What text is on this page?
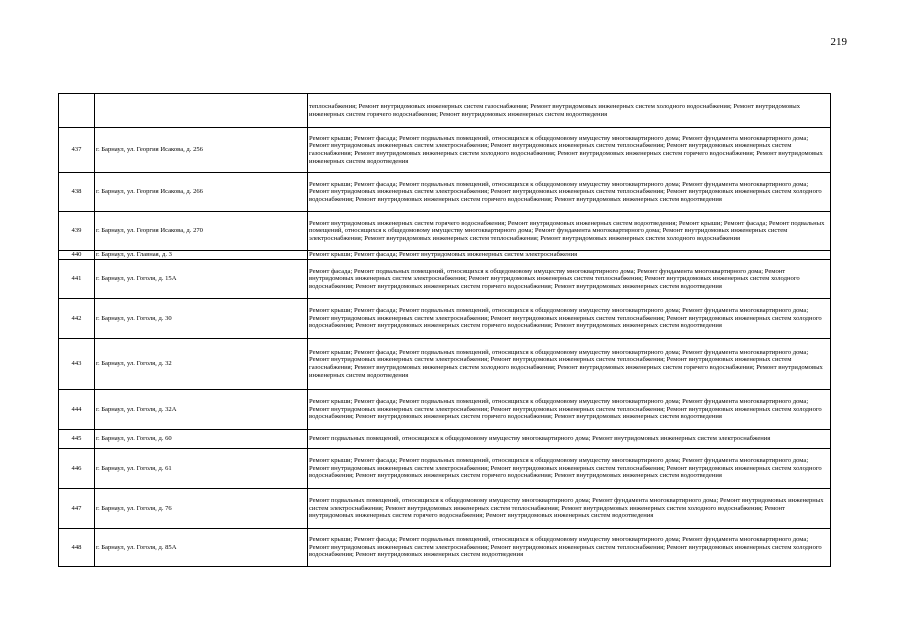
219
		теплоснабжения; Ремонт внутридомовых инженерных систем газоснабжения; Ремонт внутридомовых инженерных систем холодного водоснабжения; Ремонт внутридомовых инженерных систем горячего водоснабжения; Ремонт внутридомовых инженерных систем водоотведения
437	г. Барнаул, ул. Георгия Исакова, д. 256	Ремонт крыши; Ремонт фасада; Ремонт подвальных помещений, относящихся к общедомовому имуществу многоквартирного дома; Ремонт фундамента многоквартирного дома; Ремонт внутридомовых инженерных систем электроснабжения; Ремонт внутридомовых инженерных систем теплоснабжения; Ремонт внутридомовых инженерных систем газоснабжения; Ремонт внутридомовых инженерных систем холодного водоснабжения; Ремонт внутридомовых инженерных систем горячего водоснабжения; Ремонт внутридомовых инженерных систем водоотведения
438	г. Барнаул, ул. Георгия Исакова, д. 266	Ремонт крыши; Ремонт фасада; Ремонт подвальных помещений, относящихся к общедомовому имуществу многоквартирного дома; Ремонт фундамента многоквартирного дома; Ремонт внутридомовых инженерных систем электроснабжения; Ремонт внутридомовых инженерных систем теплоснабжения; Ремонт внутридомовых инженерных систем холодного водоснабжения; Ремонт внутридомовых инженерных систем горячего водоснабжения; Ремонт внутридомовых инженерных систем водоотведения
439	г. Барнаул, ул. Георгия Исакова, д. 270	Ремонт внутридомовых инженерных систем горячего водоснабжения; Ремонт внутридомовых инженерных систем водоотведения; Ремонт крыши; Ремонт фасада; Ремонт подвальных помещений, относящихся к общедомовому имуществу многоквартирного дома; Ремонт фундамента многоквартирного дома; Ремонт внутридомовых инженерных систем электроснабжения; Ремонт внутридомовых инженерных систем теплоснабжения; Ремонт внутридомовых инженерных систем холодного водоснабжения
440	г. Барнаул, ул. Главная, д. 3	Ремонт крыши; Ремонт фасада; Ремонт внутридомовых инженерных систем электроснабжения
441	г. Барнаул, ул. Гоголя, д. 15А	Ремонт фасада; Ремонт подвальных помещений, относящихся к общедомовому имуществу многоквартирного дома; Ремонт фундамента многоквартирного дома; Ремонт внутридомовых инженерных систем электроснабжения; Ремонт внутридомовых инженерных систем теплоснабжения; Ремонт внутридомовых инженерных систем холодного водоснабжения; Ремонт внутридомовых инженерных систем горячего водоснабжения; Ремонт внутридомовых инженерных систем водоотведения
442	г. Барнаул, ул. Гоголя, д. 30	Ремонт крыши; Ремонт фасада; Ремонт подвальных помещений, относящихся к общедомовому имуществу многоквартирного дома; Ремонт фундамента многоквартирного дома; Ремонт внутридомовых инженерных систем электроснабжения; Ремонт внутридомовых инженерных систем теплоснабжения; Ремонт внутридомовых инженерных систем холодного водоснабжения; Ремонт внутридомовых инженерных систем горячего водоснабжения; Ремонт внутридомовых инженерных систем водоотведения
443	г. Барнаул, ул. Гоголя, д. 32	Ремонт крыши; Ремонт фасада; Ремонт подвальных помещений, относящихся к общедомовому имуществу многоквартирного дома; Ремонт фундамента многоквартирного дома; Ремонт внутридомовых инженерных систем электроснабжения; Ремонт внутридомовых инженерных систем теплоснабжения; Ремонт внутридомовых инженерных систем газоснабжения; Ремонт внутридомовых инженерных систем холодного водоснабжения; Ремонт внутридомовых инженерных систем горячего водоснабжения; Ремонт внутридомовых инженерных систем водоотведения
444	г. Барнаул, ул. Гоголя, д. 32А	Ремонт крыши; Ремонт фасада; Ремонт подвальных помещений, относящихся к общедомовому имуществу многоквартирного дома; Ремонт фундамента многоквартирного дома; Ремонт внутридомовых инженерных систем электроснабжения; Ремонт внутридомовых инженерных систем теплоснабжения; Ремонт внутридомовых инженерных систем холодного водоснабжения; Ремонт внутридомовых инженерных систем горячего водоснабжения; Ремонт внутридомовых инженерных систем водоотведения
445	г. Барнаул, ул. Гоголя, д. 60	Ремонт подвальных помещений, относящихся к общедомовому имуществу многоквартирного дома; Ремонт внутридомовых инженерных систем электроснабжения
446	г. Барнаул, ул. Гоголя, д. 61	Ремонт крыши; Ремонт фасада; Ремонт подвальных помещений, относящихся к общедомовому имуществу многоквартирного дома; Ремонт фундамента многоквартирного дома; Ремонт внутридомовых инженерных систем электроснабжения; Ремонт внутридомовых инженерных систем теплоснабжения; Ремонт внутридомовых инженерных систем холодного водоснабжения; Ремонт внутридомовых инженерных систем горячего водоснабжения; Ремонт внутридомовых инженерных систем водоотведения
447	г. Барнаул, ул. Гоголя, д. 76	Ремонт подвальных помещений, относящихся к общедомовому имуществу многоквартирного дома; Ремонт фундамента многоквартирного дома; Ремонт внутридомовых инженерных систем электроснабжения; Ремонт внутридомовых инженерных систем теплоснабжения; Ремонт внутридомовых инженерных систем холодного водоснабжения; Ремонт внутридомовых инженерных систем горячего водоснабжения; Ремонт внутридомовых инженерных систем водоотведения
448	г. Барнаул, ул. Гоголя, д. 85А	Ремонт крыши; Ремонт фасада; Ремонт подвальных помещений, относящихся к общедомовому имуществу многоквартирного дома; Ремонт фундамента многоквартирного дома; Ремонт внутридомовых инженерных систем электроснабжения; Ремонт внутридомовых инженерных систем теплоснабжения; Ремонт внутридомовых инженерных систем холодного водоснабжения; Ремонт внутридомовых инженерных систем водоотведения
